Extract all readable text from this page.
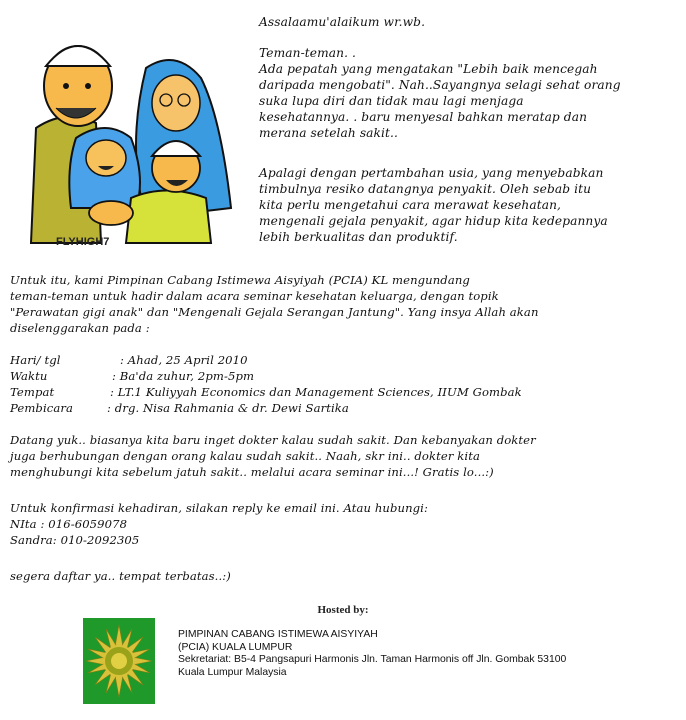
FLYHIGH7
Assalaamu'alaikum wr.wb.
Teman-teman. .
Ada pepatah yang mengatakan "Lebih baik mencegah
daripada mengobati". Nah..Sayangnya selagi sehat orang
suka lupa diri dan tidak mau lagi menjaga
kesehatannya. . baru menyesal bahkan meratap dan
merana setelah sakit..
Apalagi dengan pertambahan usia, yang menyebabkan
timbulnya resiko datangnya penyakit. Oleh sebab itu
kita perlu mengetahui cara merawat kesehatan,
mengenali gejala penyakit, agar hidup kita kedepannya
lebih berkualitas dan produktif.
Untuk itu, kami Pimpinan Cabang Istimewa Aisyiyah (PCIA) KL mengundang
teman-teman untuk hadir dalam acara seminar kesehatan keluarga, dengan topik
"Perawatan gigi anak" dan "Mengenali Gejala Serangan Jantung". Yang insya Allah akan
diselenggarakan pada :
Hari/ tgl	: Ahad, 25 April 2010
Waktu	: Ba'da zuhur, 2pm-5pm
Tempat	: LT.1 Kuliyyah Economics dan Management Sciences, IIUM Gombak
Pembicara	: drg. Nisa Rahmania & dr. Dewi Sartika
Datang yuk.. biasanya kita baru inget dokter kalau sudah sakit. Dan kebanyakan dokter
juga berhubungan dengan orang kalau sudah sakit.. Naah, skr ini.. dokter kita
menghubungi kita sebelum jatuh sakit.. melalui acara seminar ini...! Gratis lo...:)
Untuk konfirmasi kehadiran, silakan reply ke email ini. Atau hubungi:
NIta : 016-6059078
Sandra: 010-2092305
segera daftar ya.. tempat terbatas..:)
Hosted by:
PIMPINAN CABANG ISTIMEWA AISYIYAH
(PCIA) KUALA LUMPUR
Sekretariat: B5-4 Pangsapuri Harmonis Jln. Taman Harmonis off Jln. Gombak 53100
Kuala Lumpur Malaysia
